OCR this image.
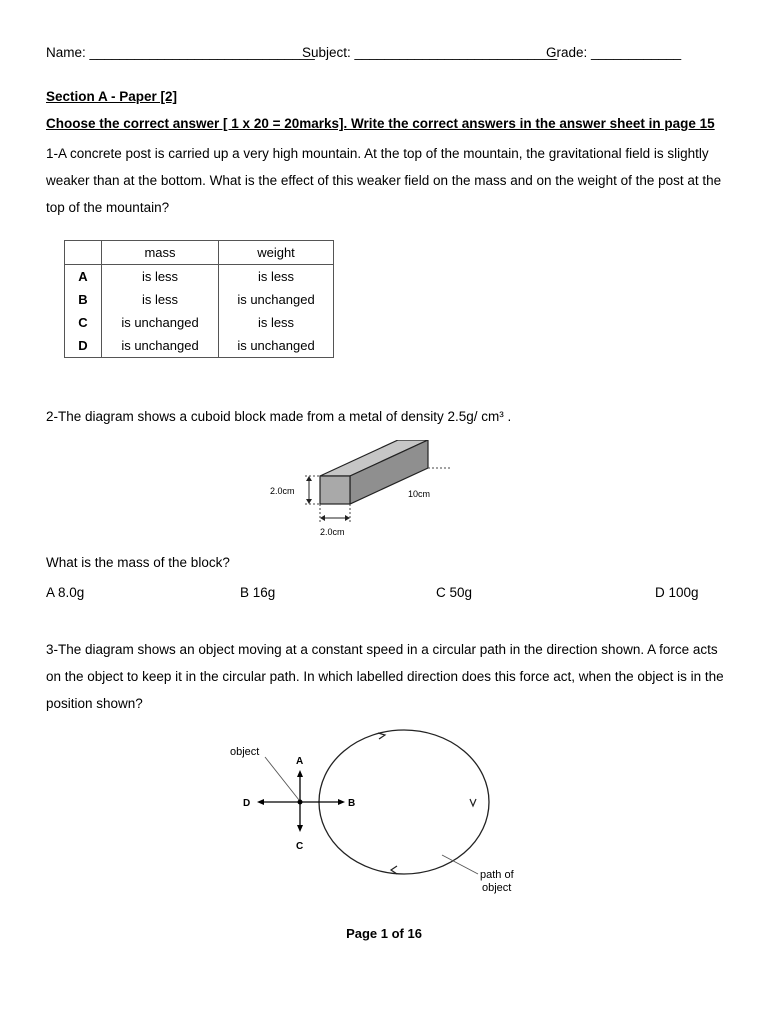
Name: ______________________________
Subject: ___________________________
Grade: ____________
Section A - Paper [2]
Choose the correct answer [ 1 x 20 = 20marks]. Write the correct answers in the answer sheet in page 15
1-A concrete post is carried up a very high mountain. At the top of the mountain, the gravitational field is slightly weaker than at the bottom. What is the effect of this weaker field on the mass and on the weight of the post at the top of the mountain?
	mass	weight
A	is less	is less
B	is less	is unchanged
C	is unchanged	is less
D	is unchanged	is unchanged
2-The diagram shows a cuboid block made from a metal of density 2.5g/ cm³ .
2.0cm	10cm
2.0cm
What is the mass of the block?
A 8.0g	B 16g	C 50g	D 100g
3-The diagram shows an object moving at a constant speed in a circular path in the direction shown. A force acts on the object to keep it in the circular path. In which labelled direction does this force act, when the object is in the position shown?
object
A
B
C
D
path of
object
Page 1 of 16
